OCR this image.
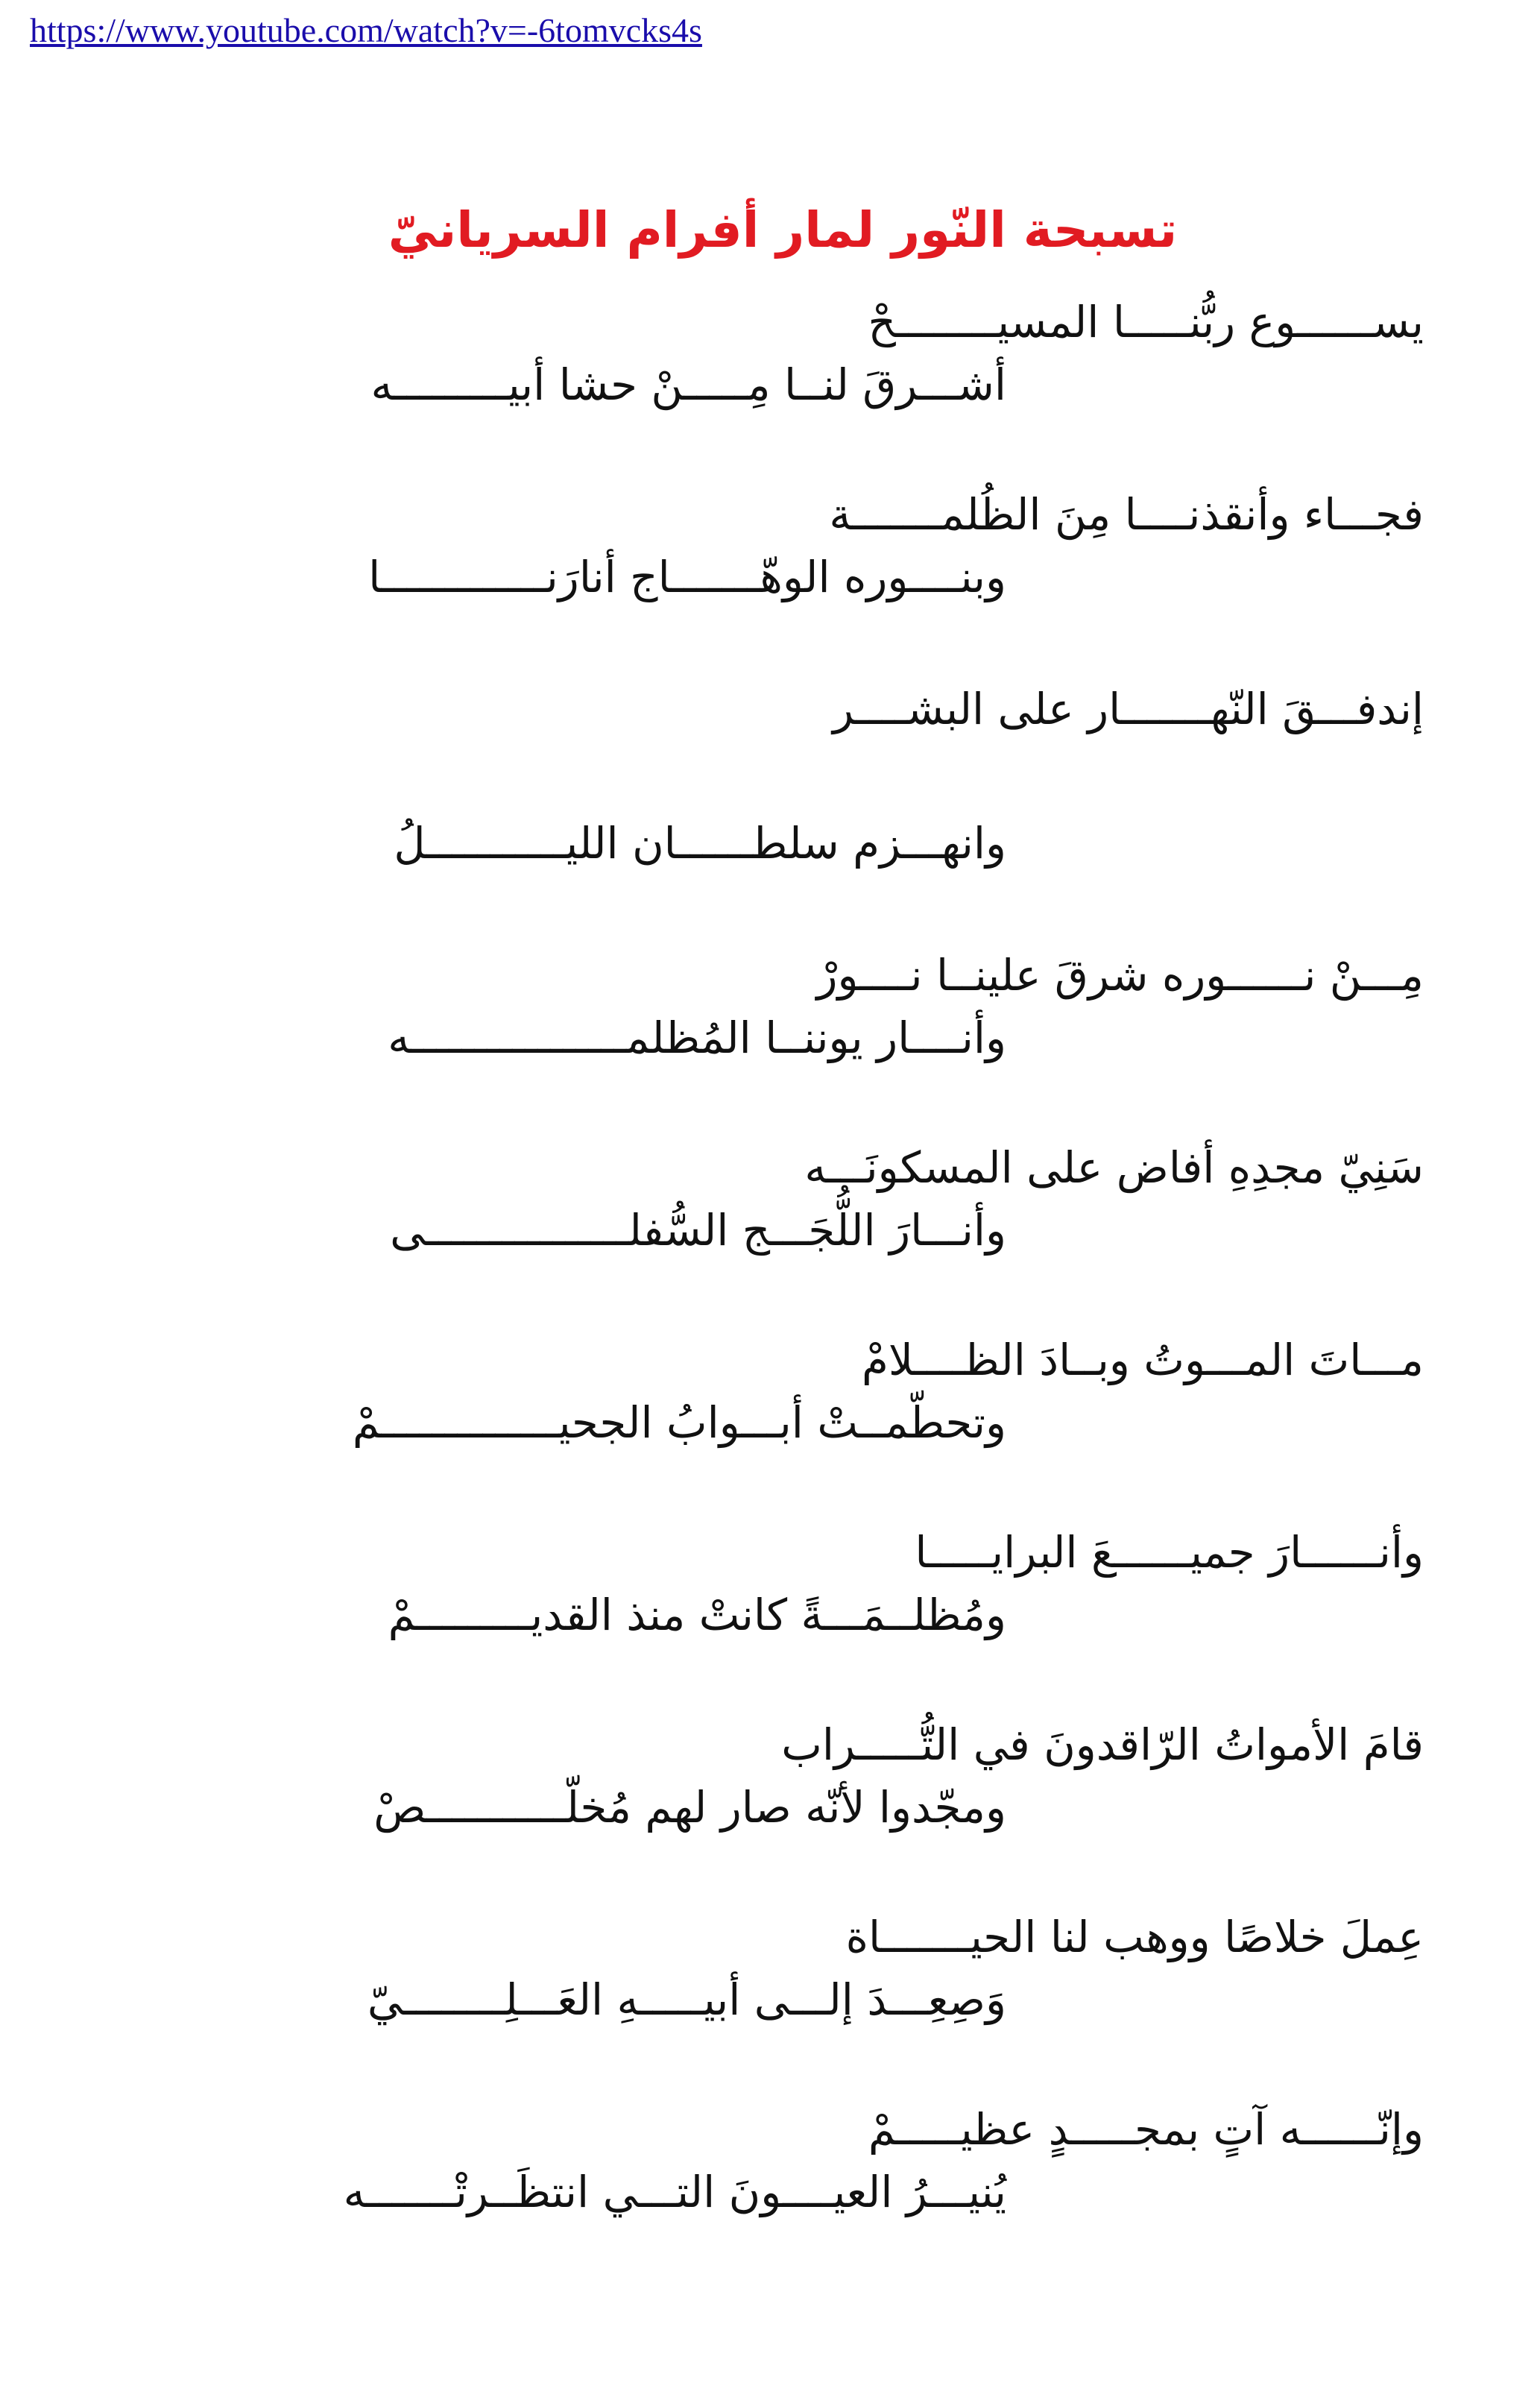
https://www.youtube.com/watch?v=-6tomvcks4s
تسبحة النّور لمار أفرام السريانيّ
يســــــوع ربُّنـــــا المسيــــــــحْ
أشـــرقَ لنــا مِـــــنْ حشا أبيـــــــــه
فجـــاء وأنقذنــــا مِنَ الظُلمـــــــة
وبنــــوره الوهّـــــــاج أنارَنـــــــــــــا
إندفـــقَ النّهـــــــار على البشــــر
وانهـــزم سلطــــــان الليـــــــــــلُ
مِـــنْ نــــــوره شرقَ علينــا نــــورْ
وأنــــار يوننــا المُظلمـــــــــــــــــه
سَنِيّ مجدِهِ أفاض على المسكونَـــه
وأنـــارَ اللُّجَـــج السُّفلــــــــــــــــى
مـــاتَ المـــوتُ وبــادَ الظــــلامْ
وتحطّمــتْ أبـــوابُ الجحيــــــــــــــمْ
وأنــــــارَ جميــــــعَ البرايـــــا
ومُظلــمَـــةً كانتْ منذ القديـــــــــمْ
قامَ الأمواتُ الرّاقدونَ في التُّـــــراب
ومجّدوا لأنّه صار لهم مُخلّـــــــــــصْ
عِملَ خلاصًا ووهب لنا الحيـــــــاة
وَصِعِـــدَ إلـــى أبيـــــهِ العَـــلِــــــــيّ
وإنّــــــه آتٍ بمجـــــدٍ عظيـــــمْ
يُنيـــرُ العيــــونَ التـــي انتظَــرتْـــــــه
